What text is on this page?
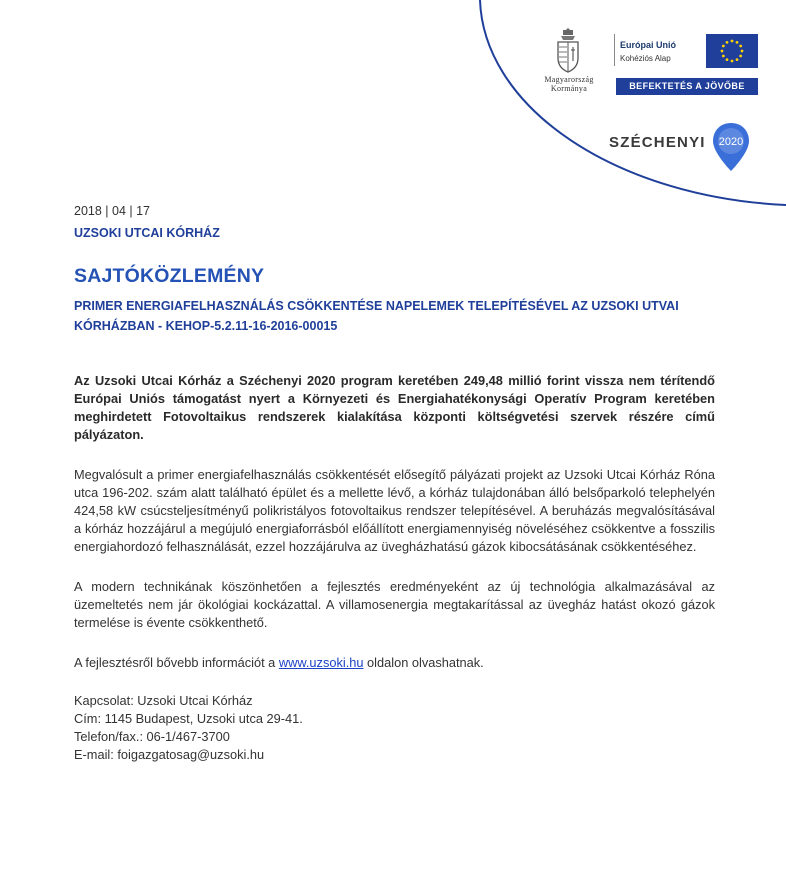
Magyarország
Kormánya
Európai Unió
Kohéziós Alap
BEFEKTETÉS A JÖVŐBE
SZÉCHENYI 2020

2018 | 04 | 17

UZSOKI UTCAI KÓRHÁZ

SAJTÓKÖZLEMÉNY
PRIMER ENERGIAFELHASZNÁLÁS CSÖKKENTÉSE NAPELEMEK TELEPÍTÉSÉVEL AZ UZSOKI UTVAI KÓRHÁZBAN - KEHOP-5.2.11-16-2016-00015

Az Uzsoki Utcai Kórház a Széchenyi 2020 program keretében 249,48 millió forint vissza nem térítendő Európai Uniós támogatást nyert a Környezeti és Energiahatékonysági Operatív Program keretében meghirdetett Fotovoltaikus rendszerek kialakítása központi költségvetési szervek részére című pályázaton.

Megvalósult a primer energiafelhasználás csökkentését elősegítő pályázati projekt az Uzsoki Utcai Kórház Róna utca 196-202. szám alatt található épület és a mellette lévő, a kórház tulajdonában álló belsőparkoló telephelyén 424,58 kW csúcsteljesítményű polikristályos fotovoltaikus rendszer telepítésével. A beruházás megvalósításával a kórház hozzájárul a megújuló energiaforrásból előállított energiamennyiség növeléséhez csökkentve a fosszilis energiahordozó felhasználását, ezzel hozzájárulva az üvegházhatású gázok kibocsátásának csökkentéséhez.

A modern technikának köszönhetően a fejlesztés eredményeként az új technológia alkalmazásával az üzemeltetés nem jár ökológiai kockázattal. A villamosenergia megtakarítással az üvegház hatást okozó gázok termelése is évente csökkenthető.

A fejlesztésről bővebb információt a www.uzsoki.hu oldalon olvashatnak.

Kapcsolat: Uzsoki Utcai Kórház
Cím: 1145 Budapest, Uzsoki utca 29-41.
Telefon/fax.: 06-1/467-3700
E-mail: foigazgatosag@uzsoki.hu
